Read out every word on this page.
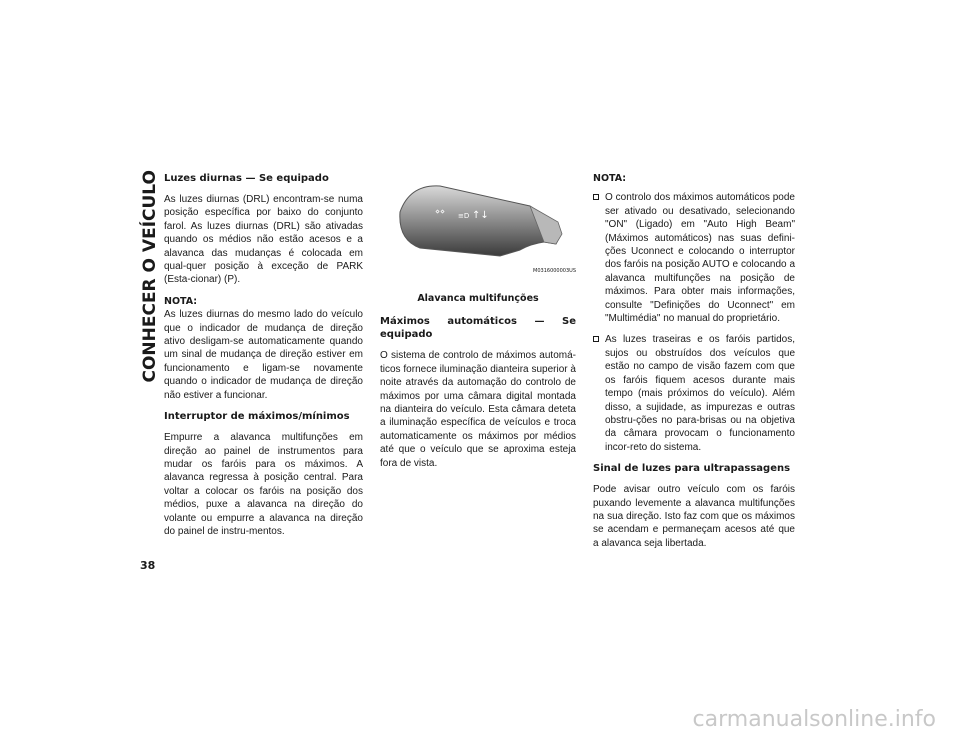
CONHECER O VEÍCULO
38
Luzes diurnas — Se equipado

As luzes diurnas (DRL) encontram-se numa posição específica por baixo do conjunto farol. As luzes diurnas (DRL) são ativadas quando os médios não estão acesos e a alavanca das mudanças é colocada em qual-quer posição à exceção de PARK (Esta-cionar) (P).

NOTA:

As luzes diurnas do mesmo lado do veículo que o indicador de mudança de direção ativo desligam-se automaticamente quando um sinal de mudança de direção estiver em funcionamento e ligam-se novamente quando o indicador de mudança de direção não estiver a funcionar.

Interruptor de máximos/mínimos

Empurre a alavanca multifunções em direção ao painel de instrumentos para mudar os faróis para os máximos. A alavanca regressa à posição central. Para voltar a colocar os faróis na posição dos médios, puxe a alavanca na direção do volante ou empurre a alavanca na direção do painel de instru-mentos.

⋄⋄ ≡D ↑↓
M0316000003US
Alavanca multifunções
Máximos automáticos — Se equipado

O sistema de controlo de máximos automá-ticos fornece iluminação dianteira superior à noite através da automação do controlo de máximos por uma câmara digital montada na dianteira do veículo. Esta câmara deteta a iluminação específica de veículos e troca automaticamente os máximos por médios até que o veículo que se aproxima esteja fora de vista.

NOTA:
O controlo dos máximos automáticos pode ser ativado ou desativado, selecionando "ON" (Ligado) em "Auto High Beam" (Máximos automáticos) nas suas defini-ções Uconnect e colocando o interruptor dos faróis na posição AUTO e colocando a alavanca multifunções na posição de máximos. Para obter mais informações, consulte "Definições do Uconnect" em "Multimédia" no manual do proprietário.
As luzes traseiras e os faróis partidos, sujos ou obstruídos dos veículos que estão no campo de visão fazem com que os faróis fiquem acesos durante mais tempo (mais próximos do veículo). Além disso, a sujidade, as impurezas e outras obstru-ções no para-brisas ou na objetiva da câmara provocam o funcionamento incor-reto do sistema.
Sinal de luzes para ultrapassagens

Pode avisar outro veículo com os faróis puxando levemente a alavanca multifunções na sua direção. Isto faz com que os máximos se acendam e permaneçam acesos até que a alavanca seja libertada.

carmanualsonline.info
